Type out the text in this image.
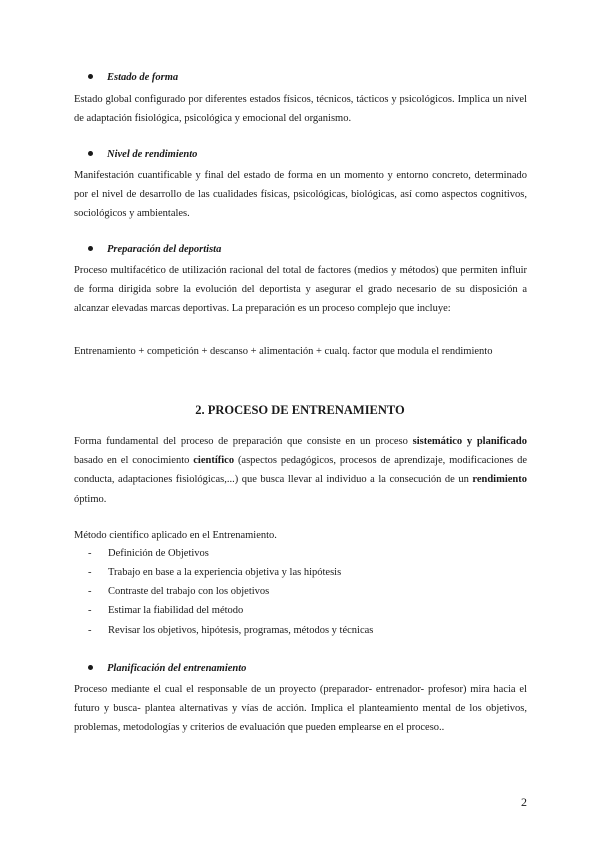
Estado de forma

Estado global configurado por diferentes estados físicos, técnicos, tácticos y psicológicos. Implica un nivel de adaptación fisiológica, psicológica y emocional del organismo.

Nivel de rendimiento

Manifestación cuantificable y final del estado de forma en un momento y entorno concreto, determinado por el nivel de desarrollo de las cualidades físicas, psicológicas, biológicas, así como aspectos cognitivos, sociológicos y ambientales.

Preparación del deportista

Proceso multifacético de utilización racional del total de factores (medios y métodos) que permiten influir de forma dirigida sobre la evolución del deportista y asegurar el grado necesario de su disposición a alcanzar elevadas marcas deportivas. La preparación es un proceso complejo que incluye:

Entrenamiento + competición + descanso + alimentación + cualq. factor que modula el rendimiento
2. PROCESO DE ENTRENAMIENTO

Forma fundamental del proceso de preparación que consiste en un proceso sistemático y planificado basado en el conocimiento científico (aspectos pedagógicos, procesos de aprendizaje, modificaciones de conducta, adaptaciones fisiológicas,...) que busca llevar al individuo a la consecución de un rendimiento óptimo.

Método científico aplicado en el Entrenamiento.
- Definición de Objetivos
- Trabajo en base a la experiencia objetiva y las hipótesis
- Contraste del trabajo con los objetivos
- Estimar la fiabilidad del método
- Revisar los objetivos, hipótesis, programas, métodos y técnicas
Planificación del entrenamiento

Proceso mediante el cual el responsable de un proyecto (preparador- entrenador- profesor) mira hacia el futuro y busca- plantea alternativas y vías de acción. Implica el planteamiento mental de los objetivos, problemas, metodologías y criterios de evaluación que pueden emplearse en el proceso..

2
